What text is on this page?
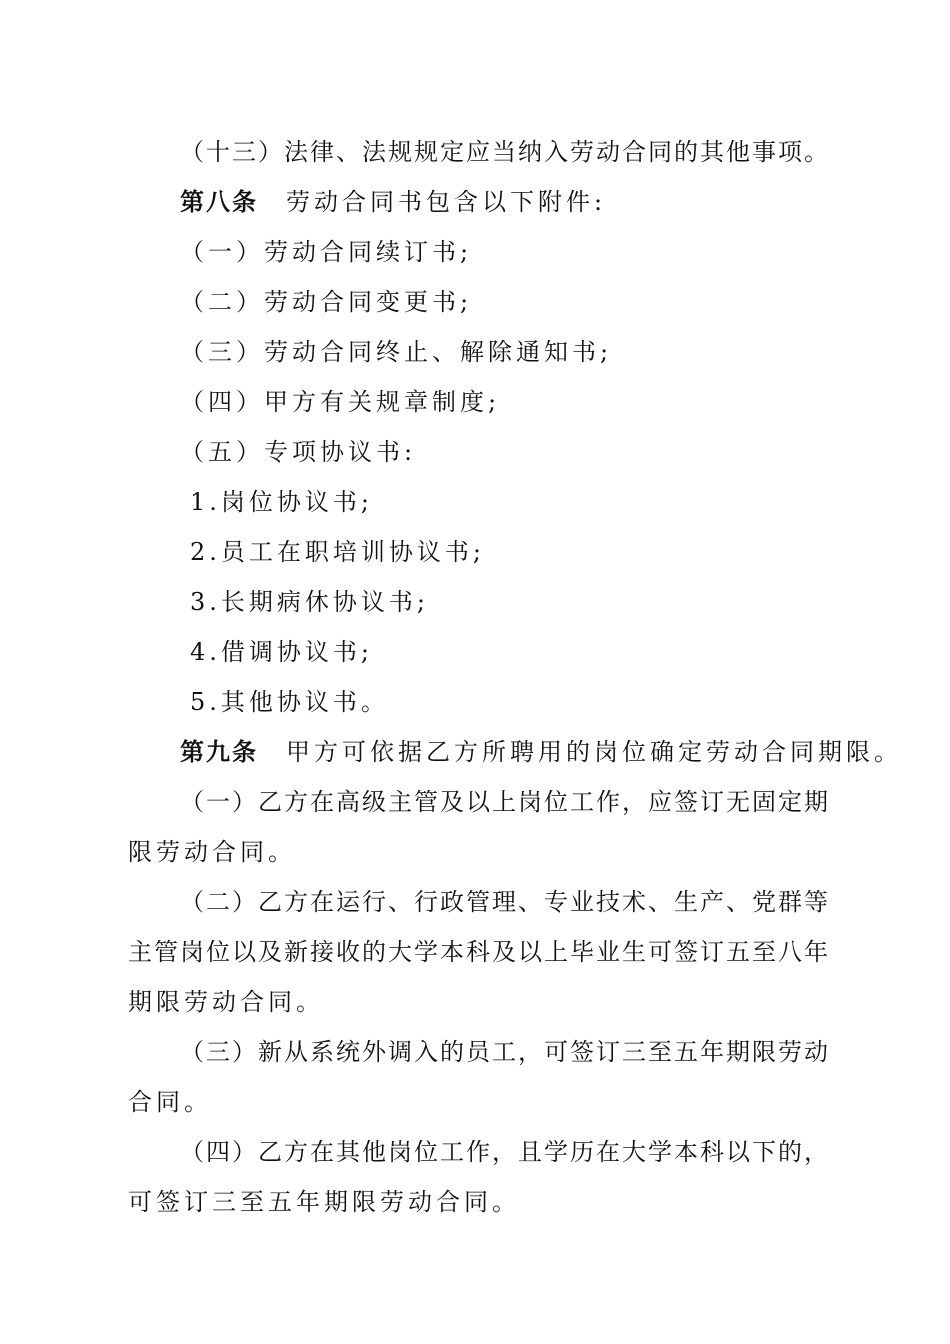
（十三）法律、法规规定应当纳入劳动合同的其他事项。
第八条 劳动合同书包含以下附件:
（一）劳动合同续订书;
（二）劳动合同变更书;
（三）劳动合同终止、解除通知书;
（四）甲方有关规章制度;
（五）专项协议书:
1.岗位协议书;
2.员工在职培训协议书;
3.长期病休协议书;
4.借调协议书;
5.其他协议书。
第九条 甲方可依据乙方所聘用的岗位确定劳动合同期限。
（一）乙方在高级主管及以上岗位工作，应签订无固定期
限劳动合同。
（二）乙方在运行、行政管理、专业技术、生产、党群等
主管岗位以及新接收的大学本科及以上毕业生可签订五至八年
期限劳动合同。
（三）新从系统外调入的员工，可签订三至五年期限劳动
合同。
（四）乙方在其他岗位工作，且学历在大学本科以下的，
可签订三至五年期限劳动合同。
